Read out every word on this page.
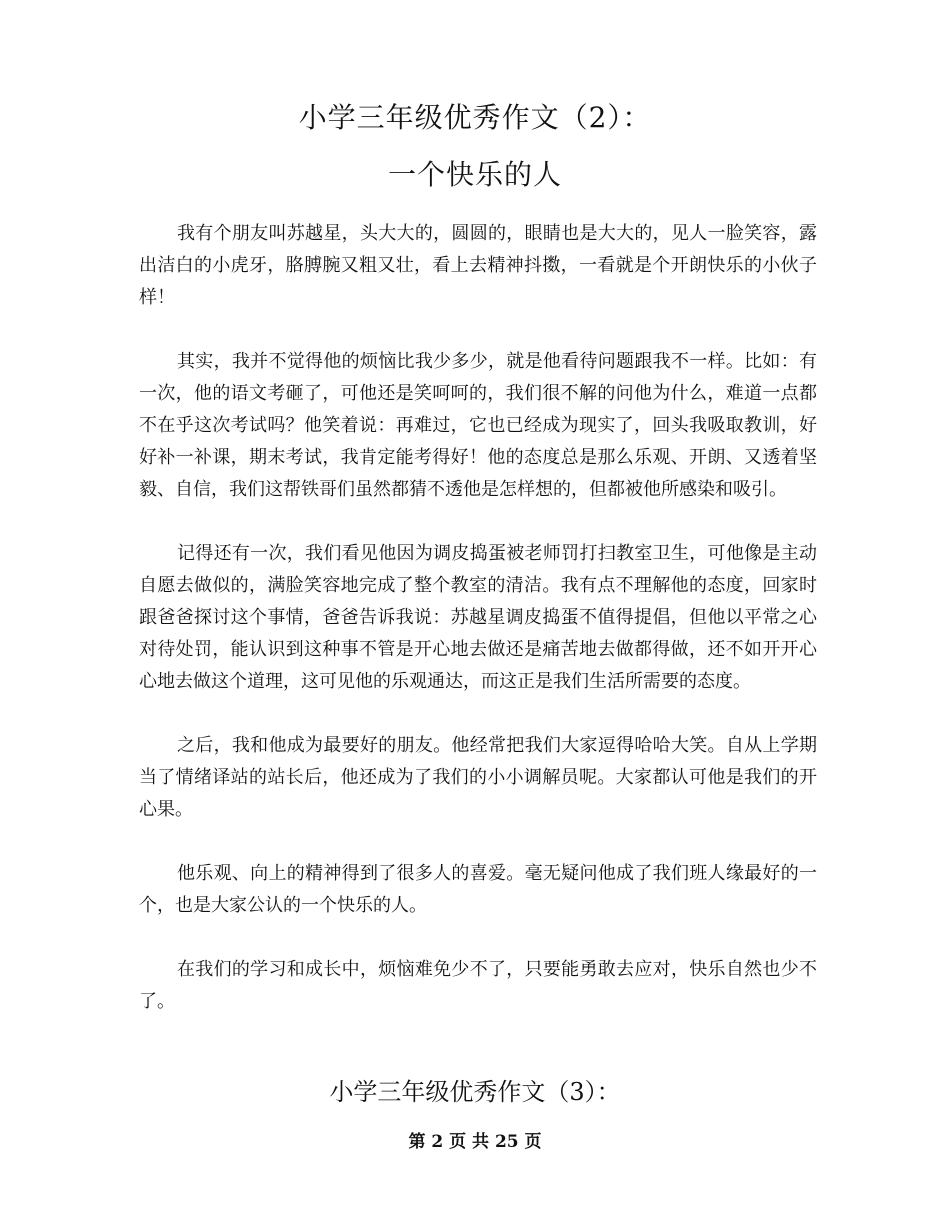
小学三年级优秀作文（2）：
一个快乐的人

我有个朋友叫苏越星，头大大的，圆圆的，眼睛也是大大的，见人一脸笑容，露出洁白的小虎牙，胳膊腕又粗又壮，看上去精神抖擞，一看就是个开朗快乐的小伙子样！

其实，我并不觉得他的烦恼比我少多少，就是他看待问题跟我不一样。比如：有一次，他的语文考砸了，可他还是笑呵呵的，我们很不解的问他为什么，难道一点都不在乎这次考试吗？他笑着说：再难过，它也已经成为现实了，回头我吸取教训，好好补一补课，期末考试，我肯定能考得好！他的态度总是那么乐观、开朗、又透着坚毅、自信，我们这帮铁哥们虽然都猜不透他是怎样想的，但都被他所感染和吸引。

记得还有一次，我们看见他因为调皮捣蛋被老师罚打扫教室卫生，可他像是主动自愿去做似的，满脸笑容地完成了整个教室的清洁。我有点不理解他的态度，回家时跟爸爸探讨这个事情，爸爸告诉我说：苏越星调皮捣蛋不值得提倡，但他以平常之心对待处罚，能认识到这种事不管是开心地去做还是痛苦地去做都得做，还不如开开心心地去做这个道理，这可见他的乐观通达，而这正是我们生活所需要的态度。

之后，我和他成为最要好的朋友。他经常把我们大家逗得哈哈大笑。自从上学期当了情绪译站的站长后，他还成为了我们的小小调解员呢。大家都认可他是我们的开心果。

他乐观、向上的精神得到了很多人的喜爱。毫无疑问他成了我们班人缘最好的一个，也是大家公认的一个快乐的人。

在我们的学习和成长中，烦恼难免少不了，只要能勇敢去应对，快乐自然也少不了。

小学三年级优秀作文（3）：
第 2 页 共 25 页
